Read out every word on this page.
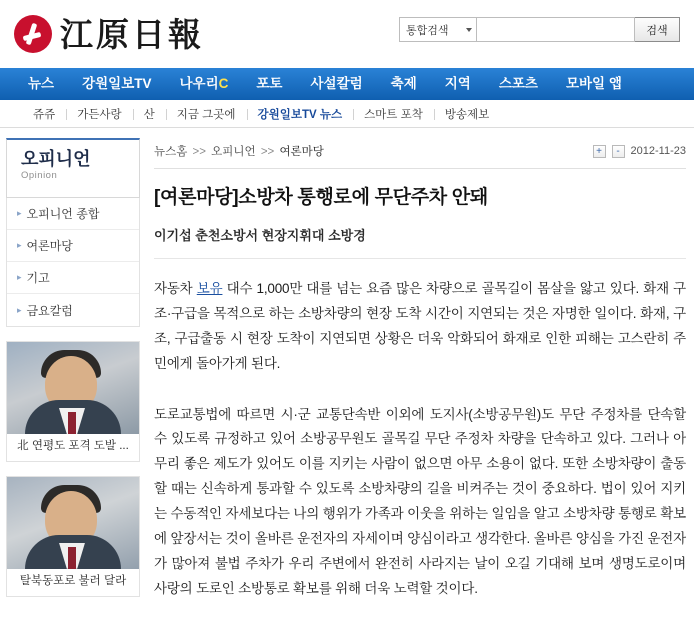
江原日報	통합검색	검색
뉴스	강원일보TV	나우리C	포토	사설칼럼	축제	지역	스포츠	모바일 앱
쥬쥬	가든사랑	산	지금 그곳에	강원일보TV 뉴스	스마트 포착	방송제보
오피니언
Opinion
▸ 오피니언 종합
▸ 여론마당
▸ 기고
▸ 금요칼럼
北 연평도 포격 도발 ...
탈북동포로 불러 달라
뉴스홈 >> 오피니언 >> 여론마당	+	- 2012-11-23
[여론마당]소방차 통행로에 무단주차 안돼
이기섭 춘천소방서 현장지휘대 소방경

자동차 보유 대수 1,000만 대를 넘는 요즘 많은 차량으로 골목길이 몸살을 앓고 있다. 화재 구조·구급을 목적으로 하는 소방차량의 현장 도착 시간이 지연되는 것은 자명한 일이다. 화재, 구조, 구급출동 시 현장 도착이 지연되면 상황은 더욱 악화되어 화재로 인한 피해는 고스란히 주민에게 돌아가게 된다.

도로교통법에 따르면 시·군 교통단속반 이외에 도지사(소방공무원)도 무단 주정차를 단속할 수 있도록 규정하고 있어 소방공무원도 골목길 무단 주정차 차량을 단속하고 있다. 그러나 아무리 좋은 제도가 있어도 이를 지키는 사람이 없으면 아무 소용이 없다. 또한 소방차량이 출동할 때는 신속하게 통과할 수 있도록 소방차량의 길을 비켜주는 것이 중요하다. 법이 있어 지키는 수동적인 자세보다는 나의 행위가 가족과 이웃을 위하는 일임을 알고 소방차량 통행로 확보에 앞장서는 것이 올바른 운전자의 자세이며 양심이라고 생각한다. 올바른 양심을 가진 운전자가 많아져 불법 주차가 우리 주변에서 완전히 사라지는 날이 오길 기대해 보며 생명도로이며 사랑의 도로인 소방통로 확보를 위해 더욱 노력할 것이다.
